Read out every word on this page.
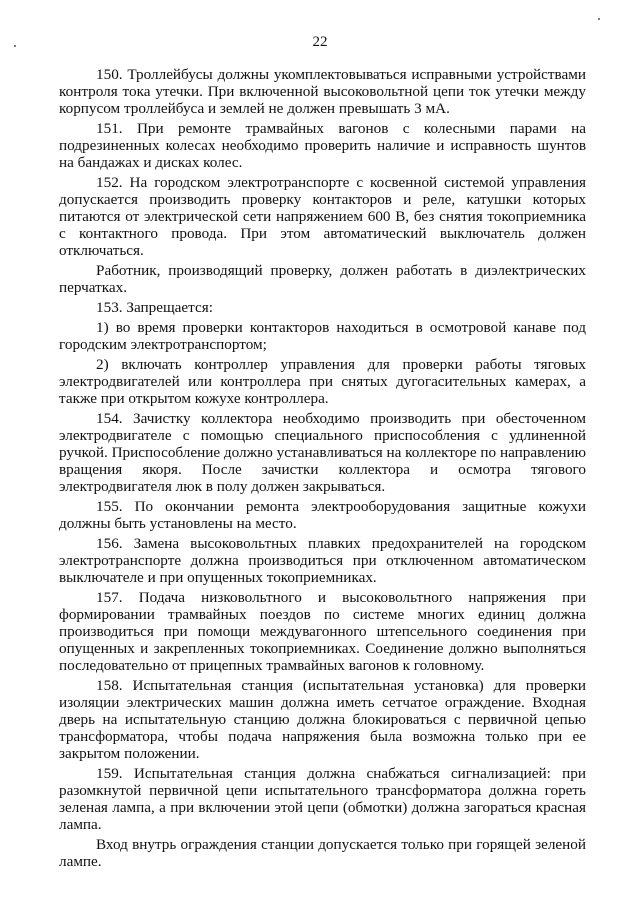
22

150. Троллейбусы должны укомплектовываться исправными устройствами контроля тока утечки. При включенной высоковольтной цепи ток утечки между корпусом троллейбуса и землей не должен превышать 3 мА.

151. При ремонте трамвайных вагонов с колесными парами на подрезиненных колесах необходимо проверить наличие и исправность шунтов на бандажах и дисках колес.

152. На городском электротранспорте с косвенной системой управления допускается производить проверку контакторов и реле, катушки которых питаются от электрической сети напряжением 600 В, без снятия токоприемника с контактного провода. При этом автоматический выключатель должен отключаться.

Работник, производящий проверку, должен работать в диэлектрических перчатках.

153. Запрещается:

1) во время проверки контакторов находиться в осмотровой канаве под городским электротранспортом;

2) включать контроллер управления для проверки работы тяговых электродвигателей или контроллера при снятых дугогасительных камерах, а также при открытом кожухе контроллера.

154. Зачистку коллектора необходимо производить при обесточенном электродвигателе с помощью специального приспособления с удлиненной ручкой. Приспособление должно устанавливаться на коллекторе по направлению вращения якоря. После зачистки коллектора и осмотра тягового электродвигателя люк в полу должен закрываться.

155. По окончании ремонта электрооборудования защитные кожухи должны быть установлены на место.

156. Замена высоковольтных плавких предохранителей на городском электротранспорте должна производиться при отключенном автоматическом выключателе и при опущенных токоприемниках.

157. Подача низковольтного и высоковольтного напряжения при формировании трамвайных поездов по системе многих единиц должна производиться при помощи междувагонного штепсельного соединения при опущенных и закрепленных токоприемниках. Соединение должно выполняться последовательно от прицепных трамвайных вагонов к головному.

158. Испытательная станция (испытательная установка) для проверки изоляции электрических машин должна иметь сетчатое ограждение. Входная дверь на испытательную станцию должна блокироваться с первичной цепью трансформатора, чтобы подача напряжения была возможна только при ее закрытом положении.

159. Испытательная станция должна снабжаться сигнализацией: при разомкнутой первичной цепи испытательного трансформатора должна гореть зеленая лампа, а при включении этой цепи (обмотки) должна загораться красная лампа.

Вход внутрь ограждения станции допускается только при горящей зеленой лампе.
